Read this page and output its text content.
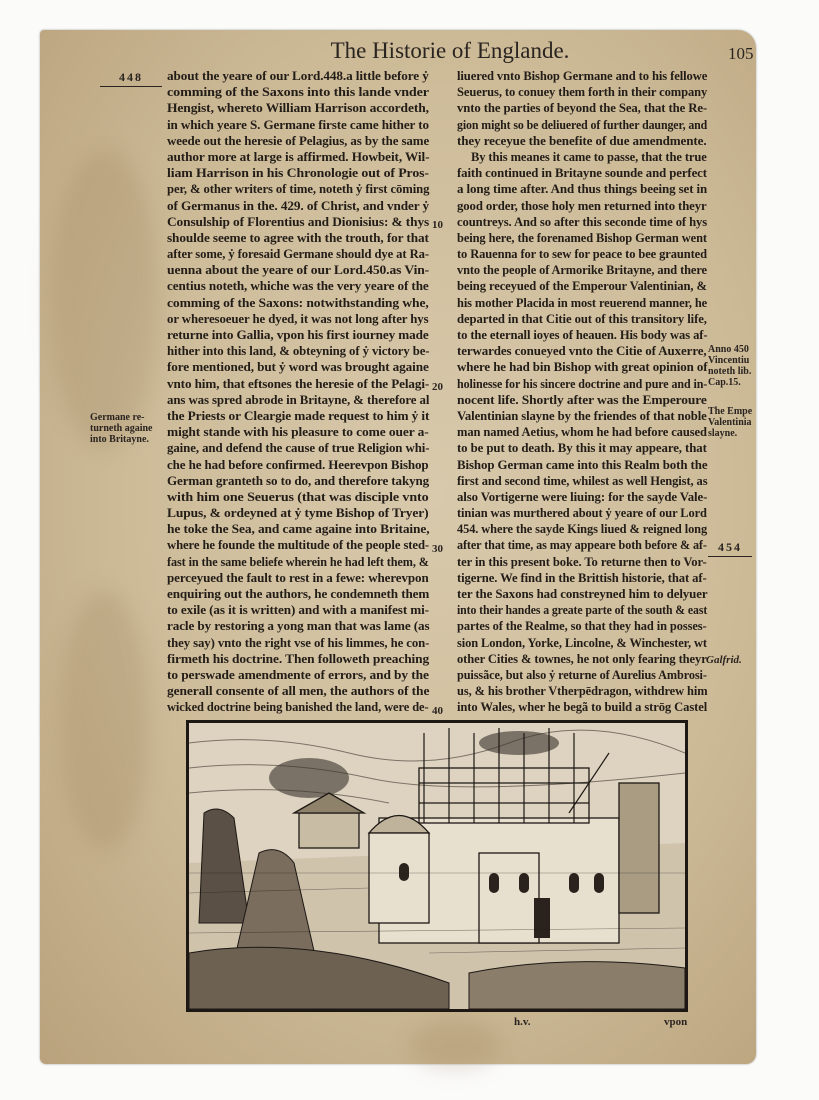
The Historie of Englande.	105
448
Germane re-
turneth againe
into Britayne.
Anno 450
Vincentiu
noteth lib.
Cap.15.
The Empe
Valentinia
slayne.
454
Galfrid.
about the yeare of our Lord.448.a little before ẏ
comming of the Saxons into this lande vnder
Hengist, whereto William Harrison accordeth,
in which yeare S. Germane firste came hither to
weede out the heresie of Pelagius, as by the same
author more at large is affirmed. Howbeit, Wil-
liam Harrison in his Chronologie out of Pros-
per, & other writers of time, noteth ẏ first cōming
of Germanus in the. 429. of Christ, and vnder ẏ
Consulship of Florentius and Dionisius: & thys
shoulde seeme to agree with the trouth, for that
after some, ẏ foresaid Germane should dye at Ra-
uenna about the yeare of our Lord.450.as Vin-
centius noteth, whiche was the very yeare of the
comming of the Saxons: notwithstanding whe,
or wheresoeuer he dyed, it was not long after hys
returne into Gallia, vpon his first iourney made
hither into this land, & obteyning of ẏ victory be-
fore mentioned, but ẏ word was brought againe
vnto him, that eftsones the heresie of the Pelagi-
ans was spred abrode in Britayne, & therefore al
the Priests or Cleargie made request to him ẏ it
might stande with his pleasure to come ouer a-
gaine, and defend the cause of true Religion whi-
che he had before confirmed. Heerevpon Bishop
German granteth so to do, and therefore takyng
with him one Seuerus (that was disciple vnto
Lupus, & ordeyned at ẏ tyme Bishop of Tryer)
he toke the Sea, and came againe into Britaine,
where he founde the multitude of the people sted-
fast in the same beliefe wherein he had left them, &
perceyued the fault to rest in a fewe: wherevpon
enquiring out the authors, he condemneth them
to exile (as it is written) and with a manifest mi-
racle by restoring a yong man that was lame (as
they say) vnto the right vse of his limmes, he con-
firmeth his doctrine. Then followeth preaching
to perswade amendmente of errors, and by the
generall consente of all men, the authors of the
wicked doctrine being banished the land, were de-
liuered vnto Bishop Germane and to his fellowe
Seuerus, to conuey them forth in their company
vnto the parties of beyond the Sea, that the Re-
gion might so be deliuered of further daunger, and
they receyue the benefite of due amendmente.
By this meanes it came to passe, that the true
faith continued in Britayne sounde and perfect
a long time after. And thus things beeing set in
good order, those holy men returned into theyr
countreys. And so after this seconde time of hys
being here, the forenamed Bishop German went
to Rauenna for to sew for peace to bee graunted
vnto the people of Armorike Britayne, and there
being receyued of the Emperour Valentinian, &
his mother Placida in most reuerend manner, he
departed in that Citie out of this transitory life,
to the eternall ioyes of heauen. His body was af-
terwardes conueyed vnto the Citie of Auxerre,
where he had bin Bishop with great opinion of
holinesse for his sincere doctrine and pure and in-
nocent life. Shortly after was the Emperoure
Valentinian slayne by the friendes of that noble
man named Aetius, whom he had before caused
to be put to death. By this it may appeare, that
Bishop German came into this Realm both the
first and second time, whilest as well Hengist, as
also Vortigerne were liuing: for the sayde Vale-
tinian was murthered about ẏ yeare of our Lord
454. where the sayde Kings liued & reigned long
after that time, as may appeare both before & af-
ter in this present boke. To returne then to Vor-
tigerne. We find in the Brittish historie, that af-
ter the Saxons had constreyned him to delyuer
into their handes a greate parte of the south & east
partes of the Realme, so that they had in posses-
sion London, Yorke, Lincolne, & Winchester, wt
other Cities & townes, he not only fearing theyr
puissãce, but also ẏ returne of Aurelius Ambrosi-
us, & his brother Vtherpēdragon, withdrew him
into Wales, wher he begã to build a strōg Castel
10
20
30
40
h.v.	vpon
